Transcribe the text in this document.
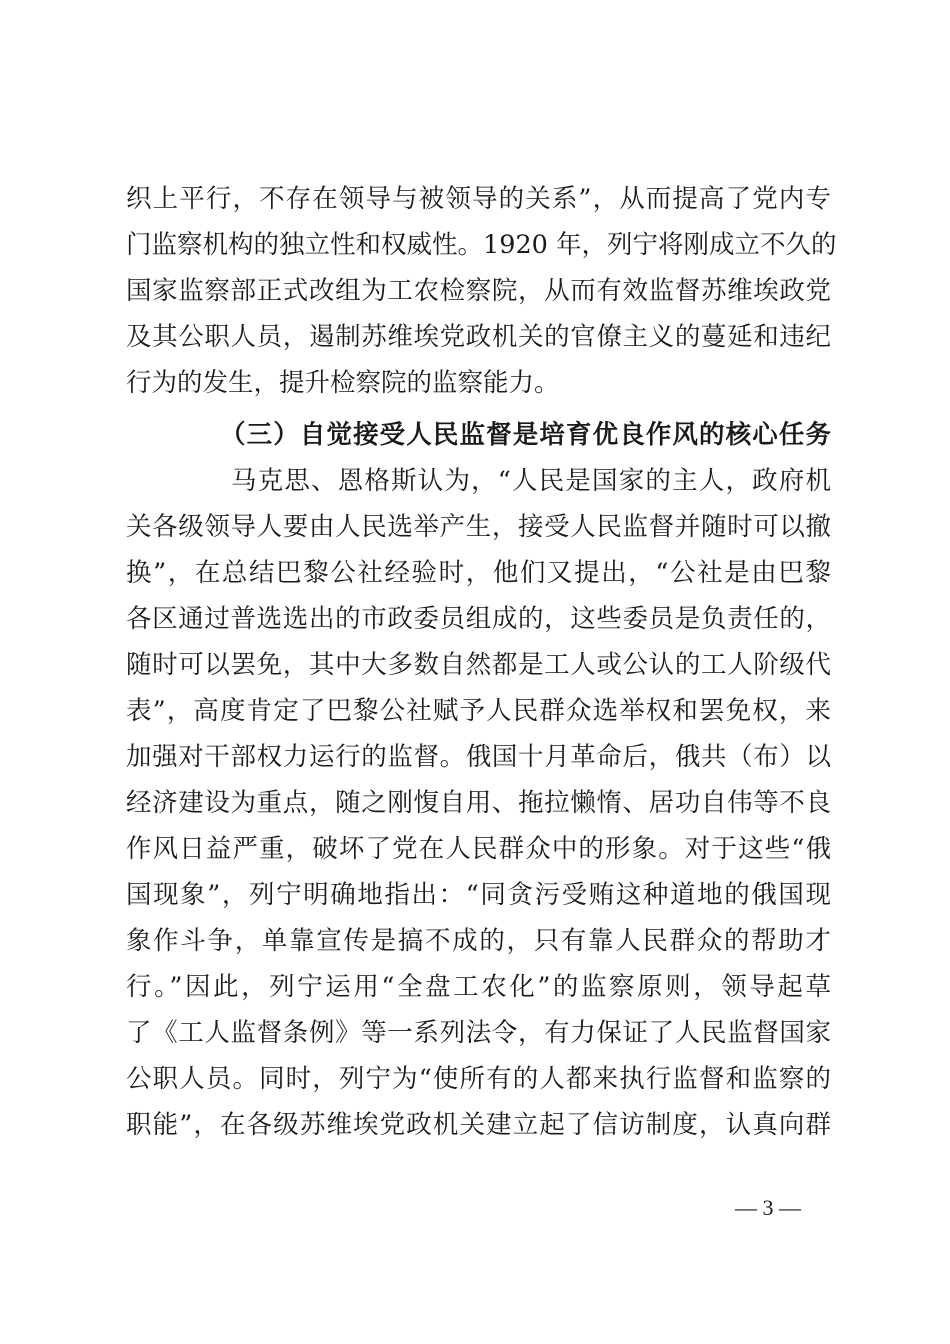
织上平行，不存在领导与被领导的关系”，从而提高了党内专
门监察机构的独立性和权威性。1920 年，列宁将刚成立不久的
国家监察部正式改组为工农检察院，从而有效监督苏维埃政党
及其公职人员，遏制苏维埃党政机关的官僚主义的蔓延和违纪
行为的发生，提升检察院的监察能力。
（三）自觉接受人民监督是培育优良作风的核心任务
马克思、恩格斯认为，“人民是国家的主人，政府机
关各级领导人要由人民选举产生，接受人民监督并随时可以撤
换”，在总结巴黎公社经验时，他们又提出，“公社是由巴黎
各区通过普选选出的市政委员组成的，这些委员是负责任的，
随时可以罢免，其中大多数自然都是工人或公认的工人阶级代
表”，高度肯定了巴黎公社赋予人民群众选举权和罢免权，来
加强对干部权力运行的监督。俄国十月革命后，俄共（布）以
经济建设为重点，随之刚愎自用、拖拉懒惰、居功自伟等不良
作风日益严重，破坏了党在人民群众中的形象。对于这些“俄
国现象”，列宁明确地指出：“同贪污受贿这种道地的俄国现
象作斗争，单靠宣传是搞不成的，只有靠人民群众的帮助才
行。”因此，列宁运用“全盘工农化”的监察原则，领导起草
了《工人监督条例》等一系列法令，有力保证了人民监督国家
公职人员。同时，列宁为“使所有的人都来执行监督和监察的
职能”，在各级苏维埃党政机关建立起了信访制度，认真向群
— 3 —
